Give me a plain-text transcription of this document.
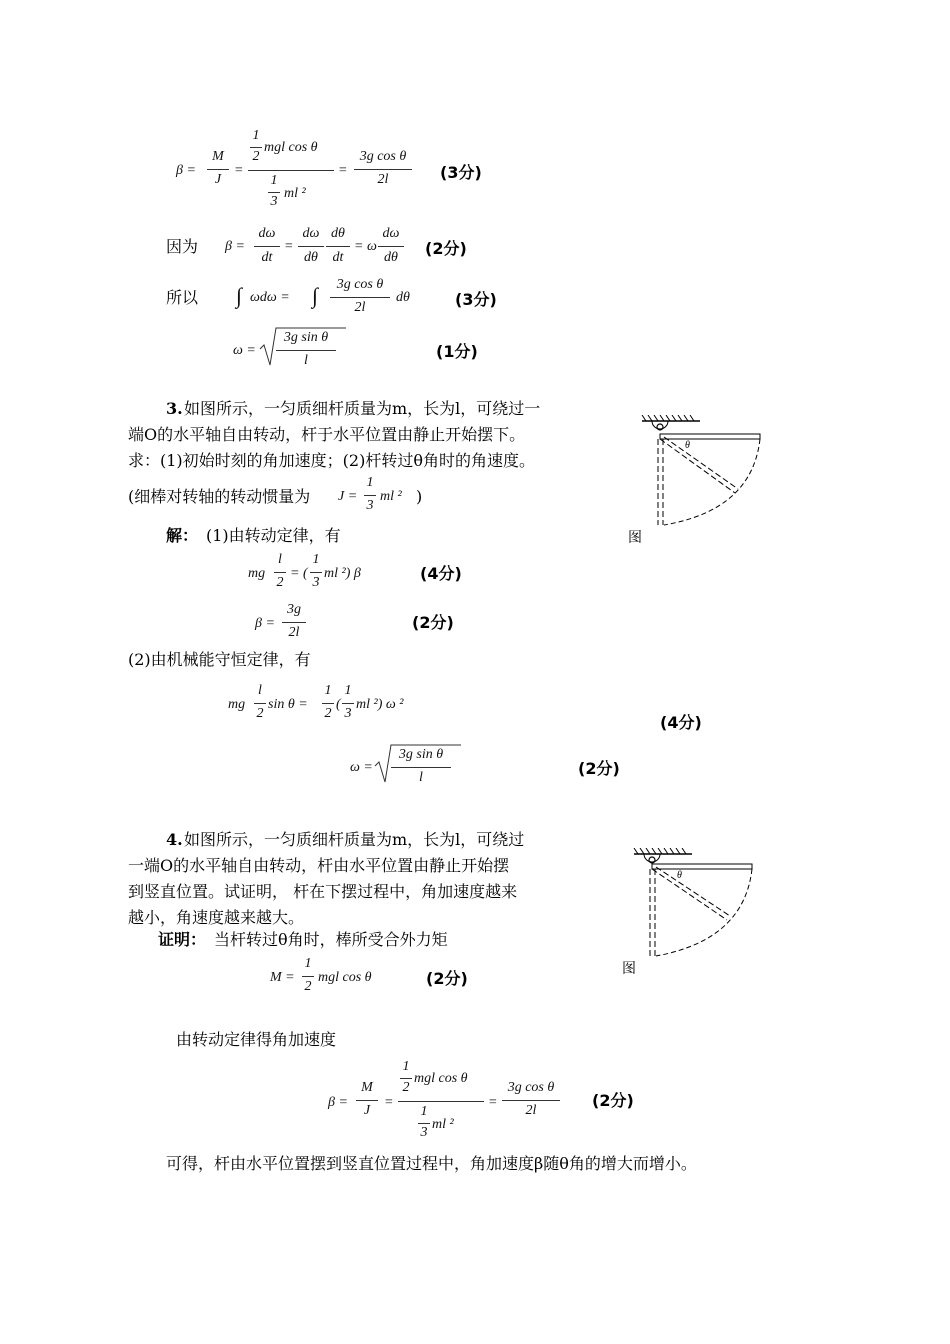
β =
M
J
=
1
2
mgl cos θ
1
3
ml ²
=
3g cos θ
2l	(3分)
因为 β =
dω
dt
=
dω
dθ
dθ
dt
= ω
dω
dθ	(2分)
所以 ∫ ωdω = ∫	3g cos θ
2l
dθ	(3分)
ω =
3g sin θ
l	(1分)
3. 如图所示，一匀质细杆质量为m，长为l，可绕过一
端O的水平轴自由转动，杆于水平位置由静止开始摆下。
求：(1)初始时刻的角加速度；(2)杆转过θ角时的角速度。
(细棒对转轴的转动惯量为 J =
1
3
ml ² )
θ
图
解： (1)由转动定律，有
mg
l
2
= (
1
3
ml ²) β	(4分)
β =
3g
2l
(2分)
(2)由机械能守恒定律，有
mg
l
2
sin θ =
1
2
(
1
3
ml ²) ω ²
(4分)
ω =
3g sin θ
l	(2分)
4. 如图所示，一匀质细杆质量为m，长为l，可绕过
一端O的水平轴自由转动，杆由水平位置由静止开始摆
到竖直位置。试证明， 杆在下摆过程中，角加速度越来
越小，角速度越来越大。
θ
图
证明： 当杆转过θ角时，棒所受合外力矩
M =
1
2
mgl cos θ	(2分)
由转动定律得角加速度
β =
M
J
=
1
2
mgl cos θ
1
3
ml ²
=
3g cos θ
2l
(2分)
可得，杆由水平位置摆到竖直位置过程中，角加速度β随θ角的增大而增小。
